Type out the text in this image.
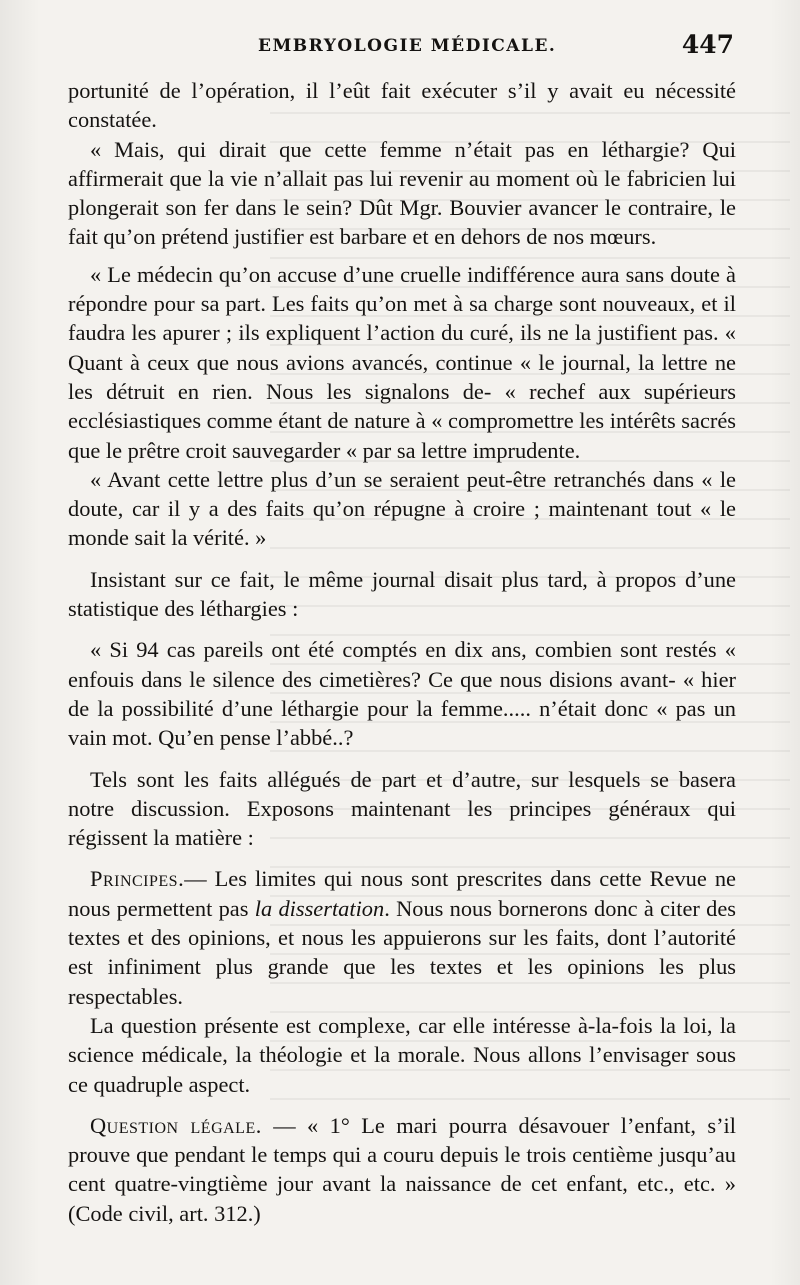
EMBRYOLOGIE MÉDICALE.	447

portunité de l’opération, il l’eût fait exécuter s’il y avait eu nécessité constatée.

« Mais, qui dirait que cette femme n’était pas en léthargie? Qui affirmerait que la vie n’allait pas lui revenir au moment où le fabricien lui plongerait son fer dans le sein? Dût Mgr. Bouvier avancer le contraire, le fait qu’on prétend justifier est barbare et en dehors de nos mœurs.

« Le médecin qu’on accuse d’une cruelle indifférence aura sans doute à répondre pour sa part. Les faits qu’on met à sa charge sont nouveaux, et il faudra les apurer ; ils expliquent l’action du curé, ils ne la justifient pas. « Quant à ceux que nous avions avancés, continue « le journal, la lettre ne les détruit en rien. Nous les signalons de- « rechef aux supérieurs ecclésiastiques comme étant de nature à « compromettre les intérêts sacrés que le prêtre croit sauvegarder « par sa lettre imprudente.

« Avant cette lettre plus d’un se seraient peut-être retranchés dans « le doute, car il y a des faits qu’on répugne à croire ; maintenant tout « le monde sait la vérité. »

Insistant sur ce fait, le même journal disait plus tard, à propos d’une statistique des léthargies :

« Si 94 cas pareils ont été comptés en dix ans, combien sont restés « enfouis dans le silence des cimetières? Ce que nous disions avant- « hier de la possibilité d’une léthargie pour la femme..... n’était donc « pas un vain mot. Qu’en pense l’abbé..?

Tels sont les faits allégués de part et d’autre, sur lesquels se basera notre discussion. Exposons maintenant les principes généraux qui régissent la matière :

Principes.— Les limites qui nous sont prescrites dans cette Revue ne nous permettent pas la dissertation. Nous nous bornerons donc à citer des textes et des opinions, et nous les appuierons sur les faits, dont l’autorité est infiniment plus grande que les textes et les opinions les plus respectables.

La question présente est complexe, car elle intéresse à-la-fois la loi, la science médicale, la théologie et la morale. Nous allons l’envisager sous ce quadruple aspect.

Question légale. — « 1° Le mari pourra désavouer l’enfant, s’il prouve que pendant le temps qui a couru depuis le trois centième jusqu’au cent quatre-vingtième jour avant la naissance de cet enfant, etc., etc. » (Code civil, art. 312.)
